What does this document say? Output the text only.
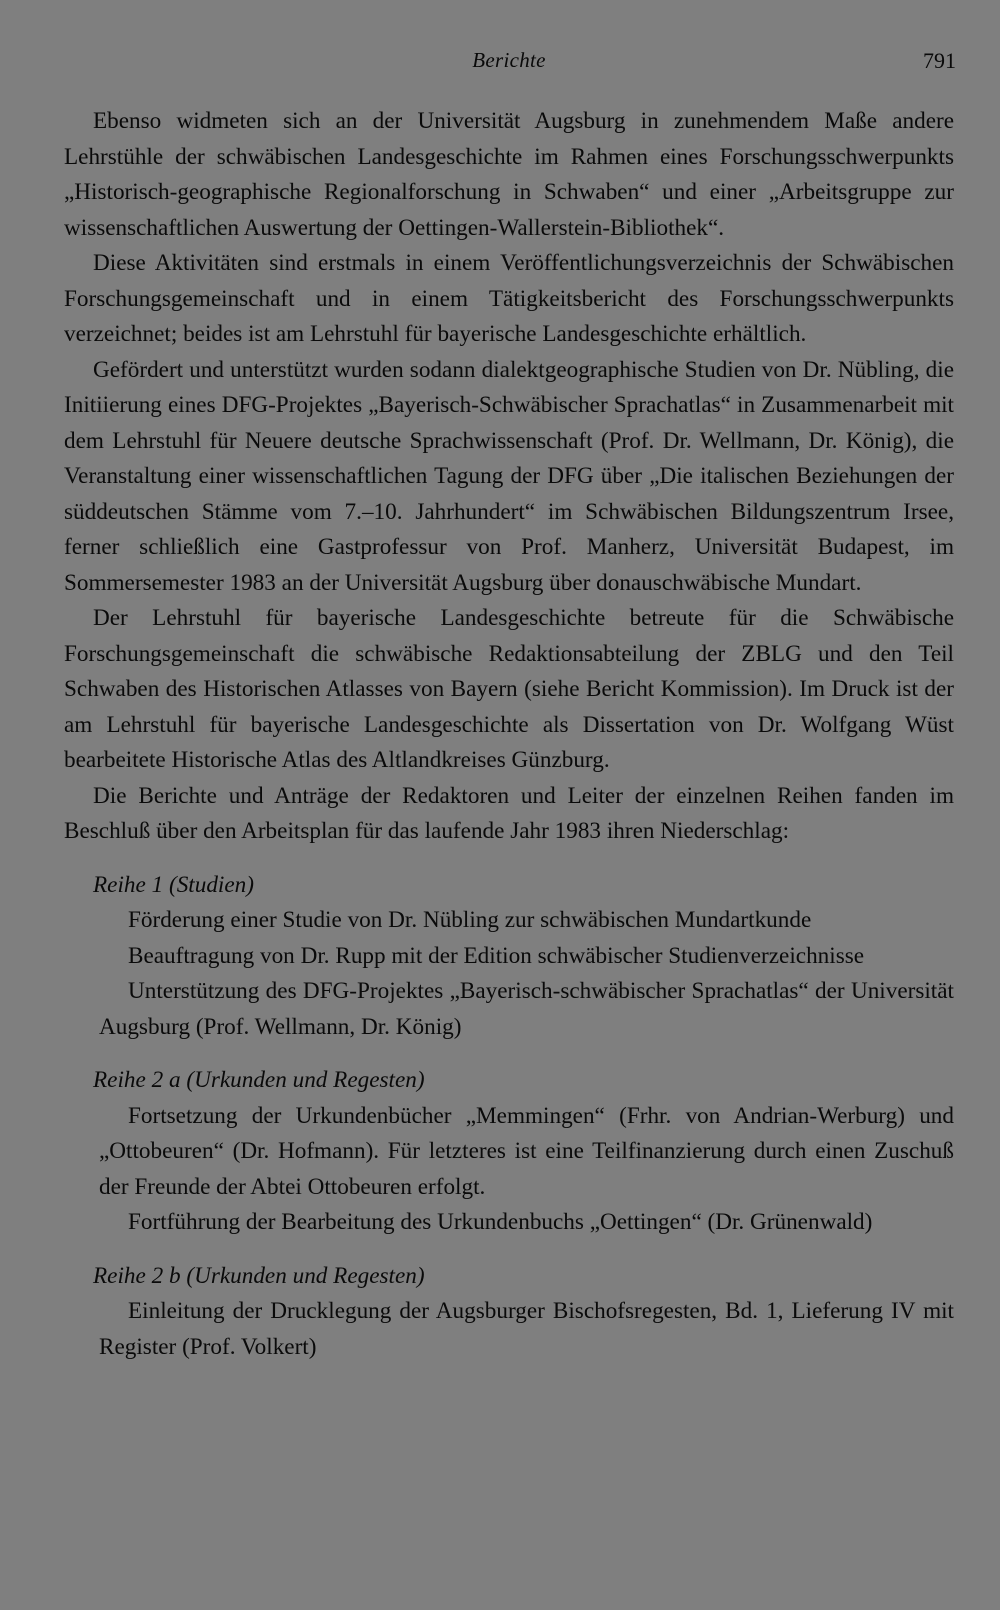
Berichte	791

Ebenso widmeten sich an der Universität Augsburg in zunehmendem Maße andere Lehrstühle der schwäbischen Landesgeschichte im Rahmen eines Forschungsschwerpunkts „Historisch-geographische Regionalforschung in Schwaben“ und einer „Arbeitsgruppe zur wissenschaftlichen Auswertung der Oettingen-Wallerstein-Bibliothek“.

Diese Aktivitäten sind erstmals in einem Veröffentlichungsverzeichnis der Schwäbischen Forschungsgemeinschaft und in einem Tätigkeitsbericht des Forschungsschwerpunkts verzeichnet; beides ist am Lehrstuhl für bayerische Landesgeschichte erhältlich.

Gefördert und unterstützt wurden sodann dialektgeographische Studien von Dr. Nübling, die Initiierung eines DFG-Projektes „Bayerisch-Schwäbischer Sprachatlas“ in Zusammenarbeit mit dem Lehrstuhl für Neuere deutsche Sprachwissenschaft (Prof. Dr. Wellmann, Dr. König), die Veranstaltung einer wissenschaftlichen Tagung der DFG über „Die italischen Beziehungen der süddeutschen Stämme vom 7.–10. Jahrhundert“ im Schwäbischen Bildungszentrum Irsee, ferner schließlich eine Gastprofessur von Prof. Manherz, Universität Budapest, im Sommersemester 1983 an der Universität Augsburg über donauschwäbische Mundart.

Der Lehrstuhl für bayerische Landesgeschichte betreute für die Schwäbische Forschungsgemeinschaft die schwäbische Redaktionsabteilung der ZBLG und den Teil Schwaben des Historischen Atlasses von Bayern (siehe Bericht Kommission). Im Druck ist der am Lehrstuhl für bayerische Landesgeschichte als Dissertation von Dr. Wolfgang Wüst bearbeitete Historische Atlas des Altlandkreises Günzburg.

Die Berichte und Anträge der Redaktoren und Leiter der einzelnen Reihen fanden im Beschluß über den Arbeitsplan für das laufende Jahr 1983 ihren Niederschlag:

Reihe 1 (Studien)

Förderung einer Studie von Dr. Nübling zur schwäbischen Mundartkunde

Beauftragung von Dr. Rupp mit der Edition schwäbischer Studienverzeichnisse

Unterstützung des DFG-Projektes „Bayerisch-schwäbischer Sprachatlas“ der Universität Augsburg (Prof. Wellmann, Dr. König)

Reihe 2 a (Urkunden und Regesten)

Fortsetzung der Urkundenbücher „Memmingen“ (Frhr. von Andrian-Werburg) und „Ottobeuren“ (Dr. Hofmann). Für letzteres ist eine Teilfinanzierung durch einen Zuschuß der Freunde der Abtei Ottobeuren erfolgt.

Fortführung der Bearbeitung des Urkundenbuchs „Oettingen“ (Dr. Grünenwald)

Reihe 2 b (Urkunden und Regesten)

Einleitung der Drucklegung der Augsburger Bischofsregesten, Bd. 1, Lieferung IV mit Register (Prof. Volkert)
